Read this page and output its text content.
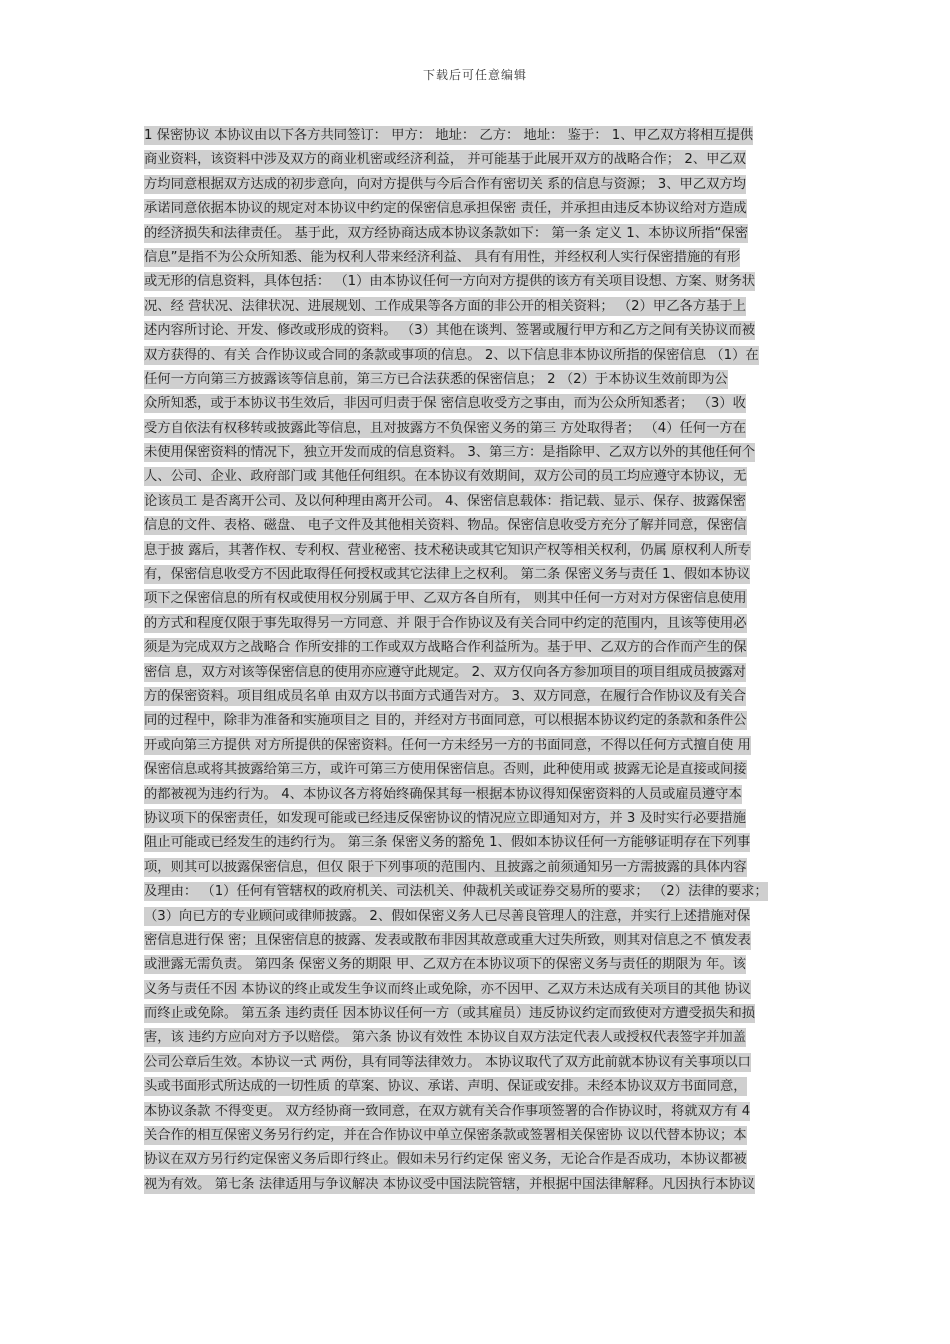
下载后可任意编辑
1 保密协议 本协议由以下各方共同签订： 甲方： 地址： 乙方： 地址： 鉴于： 1、甲乙双方将相互提供
商业资料，该资料中涉及双方的商业机密或经济利益， 并可能基于此展开双方的战略合作； 2、甲乙双
方均同意根据双方达成的初步意向，向对方提供与今后合作有密切关 系的信息与资源； 3、甲乙双方均
承诺同意依据本协议的规定对本协议中约定的保密信息承担保密 责任，并承担由违反本协议给对方造成
的经济损失和法律责任。 基于此，双方经协商达成本协议条款如下： 第一条 定义 1、本协议所指“保密
信息”是指不为公众所知悉、能为权利人带来经济利益、 具有有用性，并经权利人实行保密措施的有形
或无形的信息资料，具体包括： （1）由本协议任何一方向对方提供的该方有关项目设想、方案、财务状
况、经 营状况、法律状况、进展规划、工作成果等各方面的非公开的相关资料； （2）甲乙各方基于上
述内容所讨论、开发、修改或形成的资料。 （3）其他在谈判、签署或履行甲方和乙方之间有关协议而被
双方获得的、有关 合作协议或合同的条款或事项的信息。 2、以下信息非本协议所指的保密信息 （1）在
任何一方向第三方披露该等信息前，第三方已合法获悉的保密信息； 2 （2）于本协议生效前即为公
众所知悉，或于本协议书生效后，非因可归责于保 密信息收受方之事由，而为公众所知悉者； （3）收
受方自依法有权移转或披露此等信息，且对披露方不负保密义务的第三 方处取得者； （4）任何一方在
未使用保密资料的情况下，独立开发而成的信息资料。 3、第三方：是指除甲、乙双方以外的其他任何个
人、公司、企业、政府部门或 其他任何组织。在本协议有效期间，双方公司的员工均应遵守本协议，无
论该员工 是否离开公司、及以何种理由离开公司。 4、保密信息载体：指记载、显示、保存、披露保密
信息的文件、表格、磁盘、 电子文件及其他相关资料、物品。保密信息收受方充分了解并同意，保密信
息于披 露后，其著作权、专利权、营业秘密、技术秘诀或其它知识产权等相关权利，仍属 原权利人所专
有，保密信息收受方不因此取得任何授权或其它法律上之权利。 第二条 保密义务与责任 1、假如本协议
项下之保密信息的所有权或使用权分别属于甲、乙双方各自所有， 则其中任何一方对对方保密信息使用
的方式和程度仅限于事先取得另一方同意、并 限于合作协议及有关合同中约定的范围内，且该等使用必
须是为完成双方之战略合 作所安排的工作或双方战略合作利益所为。基于甲、乙双方的合作而产生的保
密信 息，双方对该等保密信息的使用亦应遵守此规定。 2、双方仅向各方参加项目的项目组成员披露对
方的保密资料。项目组成员名单 由双方以书面方式通告对方。 3、双方同意，在履行合作协议及有关合
同的过程中，除非为准备和实施项目之 目的，并经对方书面同意，可以根据本协议约定的条款和条件公
开或向第三方提供 对方所提供的保密资料。任何一方未经另一方的书面同意，不得以任何方式擅自使 用
保密信息或将其披露给第三方，或许可第三方使用保密信息。否则，此种使用或 披露无论是直接或间接
的都被视为违约行为。 4、本协议各方将始终确保其每一根据本协议得知保密资料的人员或雇员遵守本
协议项下的保密责任，如发现可能或已经违反保密协议的情况应立即通知对方，并 3 及时实行必要措施
阻止可能或已经发生的违约行为。 第三条 保密义务的豁免 1、假如本协议任何一方能够证明存在下列事
项，则其可以披露保密信息，但仅 限于下列事项的范围内、且披露之前须通知另一方需披露的具体内容
及理由： （1）任何有管辖权的政府机关、司法机关、仲裁机关或证券交易所的要求； （2）法律的要求；
（3）向已方的专业顾问或律师披露。 2、假如保密义务人已尽善良管理人的注意，并实行上述措施对保
密信息进行保 密；且保密信息的披露、发表或散布非因其故意或重大过失所致，则其对信息之不 慎发表
或泄露无需负责。 第四条 保密义务的期限 甲、乙双方在本协议项下的保密义务与责任的期限为 年。该
义务与责任不因 本协议的终止或发生争议而终止或免除，亦不因甲、乙双方未达成有关项目的其他 协议
而终止或免除。 第五条 违约责任 因本协议任何一方（或其雇员）违反协议约定而致使对方遭受损失和损
害，该 违约方应向对方予以赔偿。 第六条 协议有效性 本协议自双方法定代表人或授权代表签字并加盖
公司公章后生效。本协议一式 两份，具有同等法律效力。 本协议取代了双方此前就本协议有关事项以口
头或书面形式所达成的一切性质 的草案、协议、承诺、声明、保证或安排。未经本协议双方书面同意，
本协议条款 不得变更。 双方经协商一致同意，在双方就有关合作事项签署的合作协议时，将就双方有 4
关合作的相互保密义务另行约定，并在合作协议中单立保密条款或签署相关保密协 议以代替本协议；本
协议在双方另行约定保密义务后即行终止。假如未另行约定保 密义务，无论合作是否成功，本协议都被
视为有效。 第七条 法律适用与争议解决 本协议受中国法院管辖，并根据中国法律解释。凡因执行本协议
